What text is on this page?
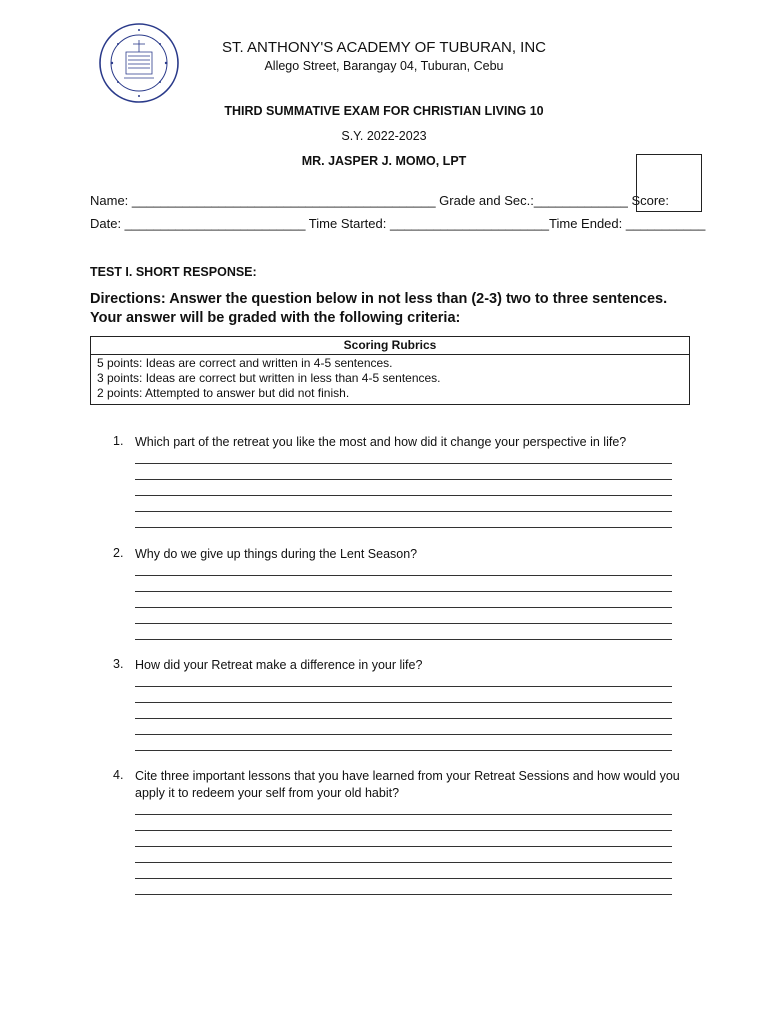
ST. ANTHONY'S ACADEMY OF TUBURAN, INC
Allego Street, Barangay 04, Tuburan, Cebu
THIRD SUMMATIVE EXAM FOR CHRISTIAN LIVING 10
S.Y. 2022-2023
MR. JASPER J. MOMO, LPT
Name: __________________________________________ Grade and Sec.:_____________ Score:
Date: _________________________ Time Started: ______________________Time Ended: ___________
TEST I. SHORT RESPONSE:
Directions: Answer the question below in not less than (2-3) two to three sentences. Your answer will be graded with the following criteria:
Scoring Rubrics
5 points: Ideas are correct and written in 4-5 sentences.
3 points: Ideas are correct but written in less than 4-5 sentences.
2 points: Attempted to answer but did not finish.
1. Which part of the retreat you like the most and how did it change your perspective in life?
2. Why do we give up things during the Lent Season?
3. How did your Retreat make a difference in your life?
4. Cite three important lessons that you have learned from your Retreat Sessions and how would you apply it to redeem your self from your old habit?
